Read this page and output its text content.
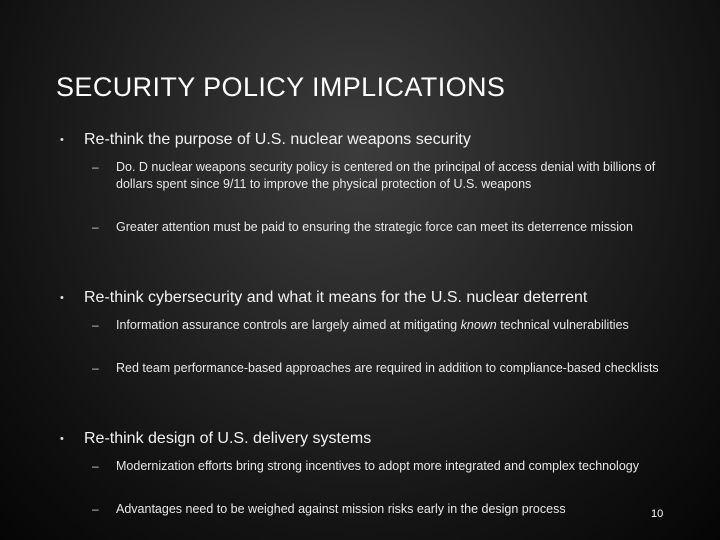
SECURITY POLICY IMPLICATIONS
• Re-think the purpose of U.S. nuclear weapons security
– Do. D nuclear weapons security policy is centered on the principal of access denial with billions of dollars spent since 9/11 to improve the physical protection of U.S. weapons
– Greater attention must be paid to ensuring the strategic force can meet its deterrence mission
• Re-think cybersecurity and what it means for the U.S. nuclear deterrent
– Information assurance controls are largely aimed at mitigating known technical vulnerabilities
– Red team performance-based approaches are required in addition to compliance-based checklists
• Re-think design of U.S. delivery systems
– Modernization efforts bring strong incentives to adopt more integrated and complex technology
– Advantages need to be weighed against mission risks early in the design process	10
